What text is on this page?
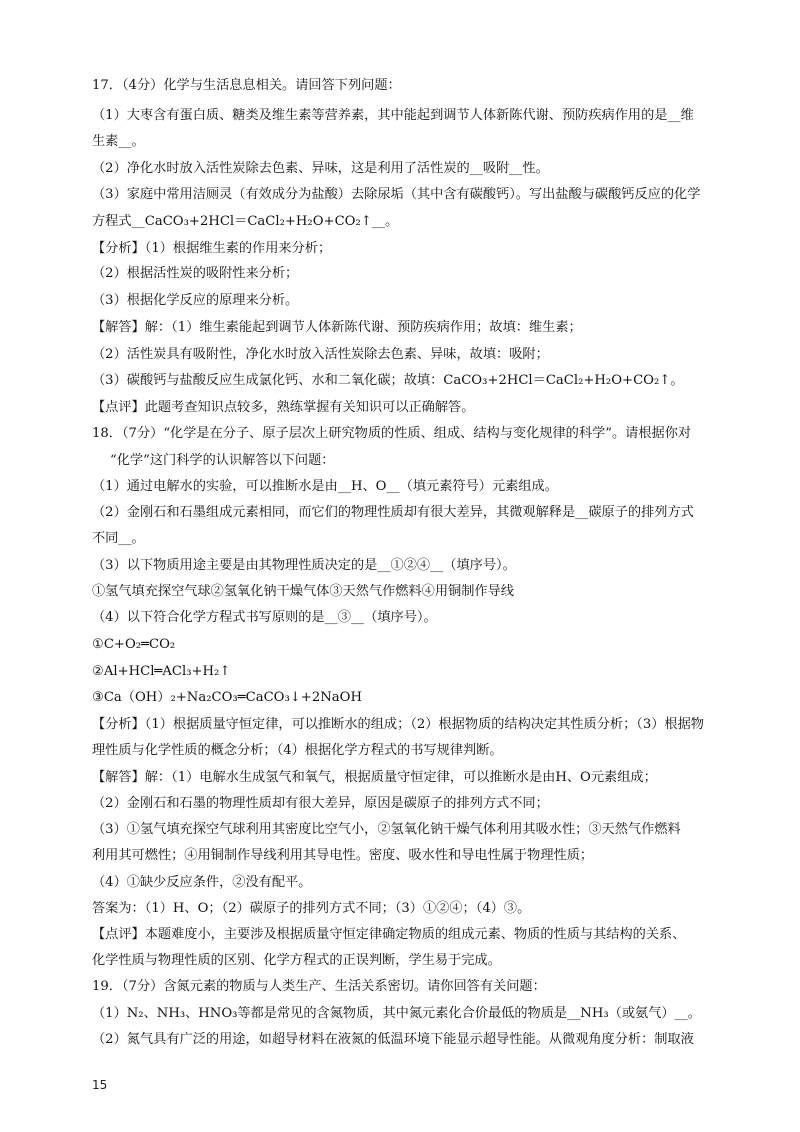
17．（4分）化学与生活息息相关。请回答下列问题：
（1）大枣含有蛋白质、糖类及维生素等营养素，其中能起到调节人体新陈代谢、预防疾病作用的是__维
生素__。
（2）净化水时放入活性炭除去色素、异味，这是利用了活性炭的__吸附__性。
（3）家庭中常用洁厕灵（有效成分为盐酸）去除尿垢（其中含有碳酸钙）。写出盐酸与碳酸钙反应的化学
方程式__CaCO₃+2HCl＝CaCl₂+H₂O+CO₂↑__。
【分析】（1）根据维生素的作用来分析；
（2）根据活性炭的吸附性来分析；
（3）根据化学反应的原理来分析。
【解答】解：（1）维生素能起到调节人体新陈代谢、预防疾病作用；故填：维生素；
（2）活性炭具有吸附性，净化水时放入活性炭除去色素、异味，故填：吸附；
（3）碳酸钙与盐酸反应生成氯化钙、水和二氧化碳；故填：CaCO₃+2HCl＝CaCl₂+H₂O+CO₂↑。
【点评】此题考查知识点较多，熟练掌握有关知识可以正确解答。
18．（7分）“化学是在分子、原子层次上研究物质的性质、组成、结构与变化规律的科学”。请根据你对
“化学”这门科学的认识解答以下问题：
（1）通过电解水的实验，可以推断水是由__H、O__（填元素符号）元素组成。
（2）金刚石和石墨组成元素相同，而它们的物理性质却有很大差异，其微观解释是__碳原子的排列方式
不同__。
（3）以下物质用途主要是由其物理性质决定的是__①②④__（填序号）。
①氢气填充探空气球②氢氧化钠干燥气体③天然气作燃料④用铜制作导线
（4）以下符合化学方程式书写原则的是__③__（填序号）。
①C+O₂═CO₂
②Al+HCl═ACl₃+H₂↑
③Ca（OH）₂+Na₂CO₃═CaCO₃↓+2NaOH
【分析】（1）根据质量守恒定律，可以推断水的组成；（2）根据物质的结构决定其性质分析；（3）根据物
理性质与化学性质的概念分析；（4）根据化学方程式的书写规律判断。
【解答】解：（1）电解水生成氢气和氧气，根据质量守恒定律，可以推断水是由H、O元素组成；
（2）金刚石和石墨的物理性质却有很大差异，原因是碳原子的排列方式不同；
（3）①氢气填充探空气球利用其密度比空气小，②氢氧化钠干燥气体利用其吸水性；③天然气作燃料
利用其可燃性；④用铜制作导线利用其导电性。密度、吸水性和导电性属于物理性质；
（4）①缺少反应条件，②没有配平。
答案为：（1）H、O；（2）碳原子的排列方式不同；（3）①②④；（4）③。
【点评】本题难度小，主要涉及根据质量守恒定律确定物质的组成元素、物质的性质与其结构的关系、
化学性质与物理性质的区别、化学方程式的正误判断，学生易于完成。
19．（7分）含氮元素的物质与人类生产、生活关系密切。请你回答有关问题：
（1）N₂、NH₃、HNO₃等都是常见的含氮物质，其中氮元素化合价最低的物质是__NH₃（或氨气）__。
（2）氮气具有广泛的用途，如超导材料在液氮的低温环境下能显示超导性能。从微观角度分析：制取液
15
